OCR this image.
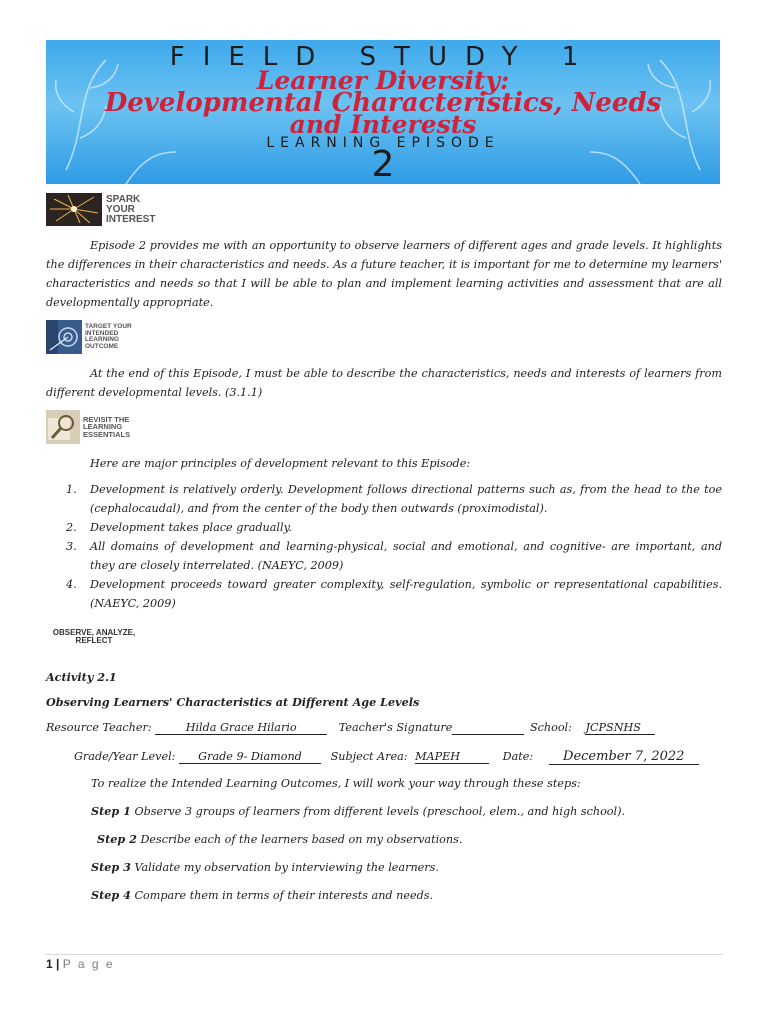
FIELD STUDY 1
Learner Diversity:
Developmental Characteristics, Needs
and Interests
LEARNING EPISODE
2
SPARK YOUR INTEREST

Episode 2 provides me with an opportunity to observe learners of different ages and grade levels. It highlights the differences in their characteristics and needs. As a future teacher, it is important for me to determine my learners' characteristics and needs so that I will be able to plan and implement learning activities and assessment that are all developmentally appropriate.

TARGET YOUR INTENDED LEARNING OUTCOME

At the end of this Episode, I must be able to describe the characteristics, needs and interests of learners from different developmental levels. (3.1.1)

REVISIT THE LEARNING ESSENTIALS

Here are major principles of development relevant to this Episode:

1. Development is relatively orderly. Development follows directional patterns such as, from the head to the toe (cephalocaudal), and from the center of the body then outwards (proximodistal).
2. Development takes place gradually.
3. All domains of development and learning-physical, social and emotional, and cognitive- are important, and they are closely interrelated. (NAEYC, 2009)
4. Development proceeds toward greater complexity, self-regulation, symbolic or representational capabilities. (NAEYC, 2009)
OBSERVE, ANALYZE, REFLECT
Activity 2.1
Observing Learners' Characteristics at Different Age Levels
Resource Teacher:	Hilda Grace Hilario	Teacher's Signature	School: JCPSNHS
Grade/Year Level: Grade 9- Diamond	Subject Area: MAPEH	Date: December 7, 2022
To realize the Intended Learning Outcomes, I will work your way through these steps:
Step 1 Observe 3 groups of learners from different levels (preschool, elem., and high school).
Step 2 Describe each of the learners based on my observations.
Step 3 Validate my observation by interviewing the learners.
Step 4 Compare them in terms of their interests and needs.
1 | P a g e
